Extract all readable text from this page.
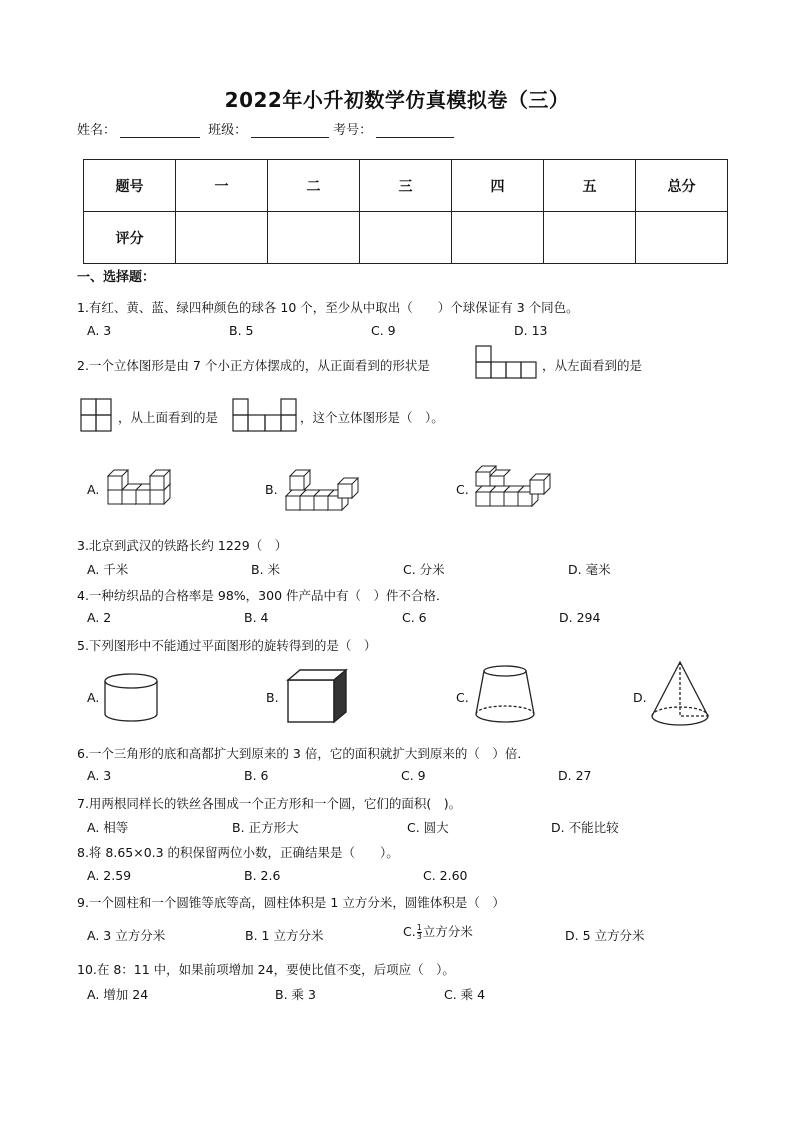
2022年小升初数学仿真模拟卷（三）
姓名：	班级：	考号：
题号	一	二	三	四	五	总分
评分						
一、选择题：
1.有红、黄、蓝、绿四种颜色的球各 10 个，至少从中取出（　　）个球保证有 3 个同色。
A. 3	B. 5	C. 9	D. 13
2.一个立体图形是由 7 个小正方体摆成的，从正面看到的形状是	，从左面看到的是
，从上面看到的是	，这个立体图形是（　）。
A.	B.	C.
3.北京到武汉的铁路长约 1229（　）
A. 千米	B. 米	C. 分米	D. 毫米
4.一种纺织品的合格率是 98%，300 件产品中有（　）件不合格．
A. 2	B. 4	C. 6	D. 294
5.下列图形中不能通过平面图形的旋转得到的是（　）
A.	B.	C.	D.
6.一个三角形的底和高都扩大到原来的 3 倍，它的面积就扩大到原来的（　）倍．
A. 3	B. 6	C. 9	D. 27
7.用两根同样长的铁丝各围成一个正方形和一个圆，它们的面积(　)。
A. 相等	B. 正方形大	C. 圆大	D. 不能比较
8.将 8.65×0.3 的积保留两位小数，正确结果是（　　）。
A. 2.59	B. 2.6	C. 2.60
9.一个圆柱和一个圆锥等底等高，圆柱体积是 1 立方分米，圆锥体积是（　）
A. 3 立方分米	B. 1 立方分米	C. $\frac{1}{3}$ 立方分米	D. 5 立方分米
10.在 8：11 中，如果前项增加 24，要使比值不变，后项应（　）。
A. 增加 24	B. 乘 3	C. 乘 4
